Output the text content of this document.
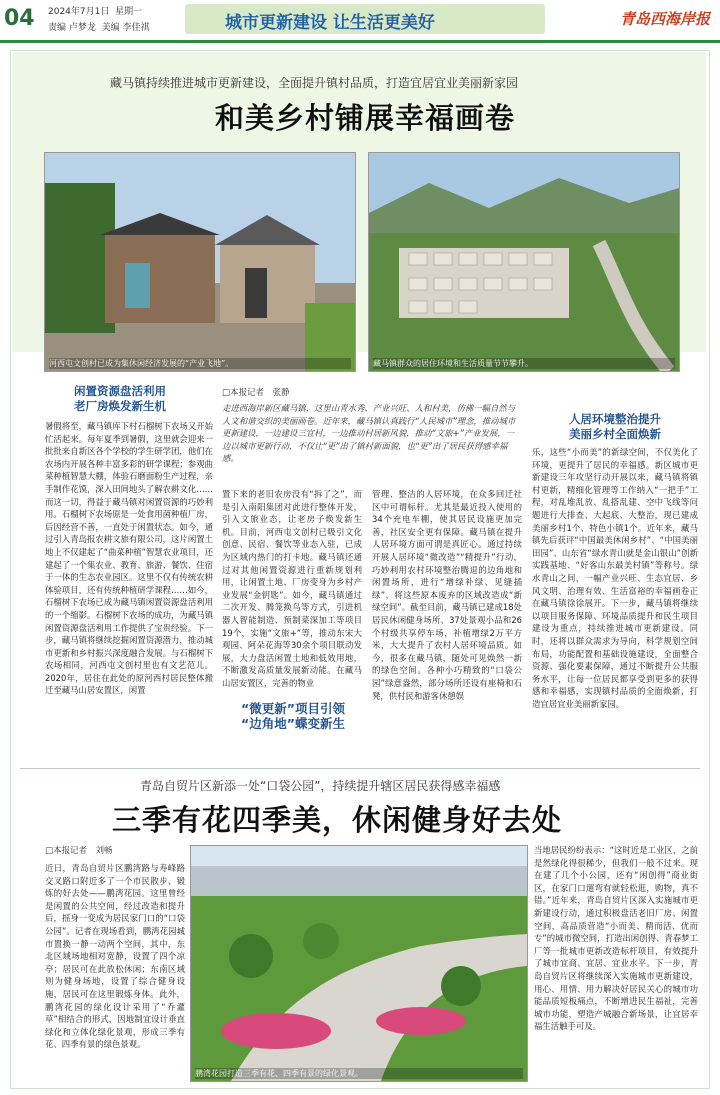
04 2024年7月1日 星期一
责编 卢梦龙 美编 李佳祺	城市更新建设 让生活更美好	青岛西海岸报
藏马镇持续推进城市更新建设，全面提升镇村品质，打造宜居宜业美丽新家园
和美乡村铺展幸福画卷
河西屯文创村已成为集休闲经济发展的“产业飞地”。	藏马镇群众的居住环境和生活质量节节攀升。
□本报记者　张静
走进西海岸新区藏马镇，这里山青水秀、产业兴旺、人和村美，彷佛一幅自然与人文和谐交织的美丽画卷。近年来，藏马镇认真践行“人民城市”理念，推动城市更新建设，一边建设三宜村，一边推动村居新风貌，推动“文旅+”产业发展，一边以城市更新行动，不仅让“更”出了镇村新面貌，也“更”出了居民获得感幸福感。
闲置资源盘活利用
老厂房焕发新生机
暑假将至，藏马镇库下村石榴树下农场又开始忙活起来。每年夏季到暑假，这里就会迎来一批批来自新区各个学校的学生研学团，他们在农场内开展各种丰富多彩的研学课程；参观曲菜种植智慧大棚，体验石磨面粉生产过程，亲手制作花馍，深入田间地头了解农耕文化……而这一切，得益于藏马镇对闲置资源的巧妙利用。石榴树下农场原是一处食用菌种植厂房，后因经营不善，一直处于闲置状态。如今，通过引入青岛报农耕文旅有限公司，这片闲置土地上不仅建起了“曲菜种植”智慧农业项目，还建起了一个集农业、教育、旅游、餐饮、住宿于一体的生态农业园区。这里不仅有传统农耕体验项目，还有传统种植研学课程……如今，石榴树下农场已成为藏马镇闲置资源盘活利用的一个缩影。石榴树下农场的成功，为藏马镇闲置资源盘活利用工作提供了宝贵经验。下一步，藏马镇将继续挖掘闲置资源潜力，推动城市更新和乡村振兴深度融合发展。与石榴树下农场相同，河西屯文创村里也有文艺范儿。2020年，居住在此处的原河西村居民整体搬迁至藏马山居安置区，闲置
置下来的老旧农房没有“拆了之”，而是引入南阳集团对此进行整体开发，引入文旅业态，让老房子焕发新生机。目前，河西屯文创村已吸引文化创意、民宿、餐饮等业态入驻，已成为区域内热门的打卡地。藏马镇还通过对其他闲置资源进行重新规划利用，让闲置土地、厂房变身为乡村产业发展“金钥匙”。如今，藏马镇通过二次开发、腾笼换鸟等方式，引进机器人智能制造、预制菜深加工等项目19个，实施“文旅+”等，推动东宋大观园、阿朵花海等30余个项目联动发展，大力盘活闲置土地和低效用地，不断激发高质量发展新动能。在藏马山居安置区，完善的物业
“微更新”项目引领
“边角地”蝶变新生
管理、整洁的人居环境，在众多回迁社区中可谓标杆。尤其是最近投入使用的34个充电车棚，使其居民设施更加完善，社区安全更有保障。藏马镇在提升人居环境方面可谓是真匠心。通过持续开展人居环境“微改造”“精提升”行动，巧妙利用农村环境整治腾退的边角地和闲置场所，进行“增绿补绿、见缝插绿”，将这些原本废弃的区域改造成“新绿空间”。截至目前，藏马镇已建成18处居民休闲健身场所、37处景观小品和26个村级共享停车场，补植增绿2万平方米，大大提升了农村人居环境品质。如今，很多在藏马镇，随处可见焕然一新的绿色空间。各种小巧精致的“口袋公园”绿意盎然，部分场所还设有座椅和石凳，供村民和游客休憩娱
人居环境整治提升
美丽乡村全面焕新
乐，这些“小而美”的新绿空间，不仅美化了环境，更提升了居民的幸福感。新区城市更新建设三年攻坚行动开展以来，藏马镇将镇村更新，精细化管理等工作纳入“一把手”工程，对乱堆乱放、乱搭乱建、空中飞线等问题进行大排查、大起底、大整治，现已建成美丽乡村1个、特色小镇1个。近年来，藏马镇先后获评“中国最美休闲乡村”、“中国美丽田园”、山东省“绿水青山就是金山银山”创新实践基地、“好客山东最美村镇”等称号。绿水青山之间，一幅产业兴旺、生态宜居、乡风文明、治理有效、生活富裕的幸福画卷正在藏马镇徐徐展开。下一步，藏马镇将继续以项目服务保障、环境品质提升和民生项目建设为重点，持续推进城市更新建设。同时，还将以群众需求为导向，科学规划空间布局，功能配置和基础设施建设，全面整合资源、强化要素保障，通过不断提升公共服务水平，让每一位居民都享受到更多的获得感和幸福感，实现镇村品质的全面焕新，打造宜居宜业美丽新家园。
青岛自贸片区新添一处“口袋公园”，持续提升辖区居民获得感幸福感
三季有花四季美，休闲健身好去处
□本报记者　刘畅
近日，青岛自贸片区鹏湾路与寿峰路交叉路口附近多了一个市民散步、锻炼的好去处——鹏湾花园。这里曾经是闲置的公共空间，经过改造和提升后，摇身一变成为居民家门口的“口袋公园”。记者在现场看到，鹏湾花园城市置换一静一动两个空间，其中，东北区域场地相对宽静，设置了四个凉亭；居民可在此放松休闲；东南区域则为健身场地，设置了综合健身设施，居民可在这里锻炼身体。此外，鹏湾花园的绿化设计采用了“乔灌草”相结合的形式，因地制宜设计垂直绿化和立体化绿化景观，形成三季有花、四季有景的绿色景观。
鹏湾花园打造三季有花、四季有景的绿化景观。
当地居民纷纷表示：“这时近是工业区，之前是然绿化得很稀少，但我们一般不过来。现在建了几个小公园，还有“闲创得”商业街区，在家门口遛弯有就轻松逛，购物，真不错。”近年来，青岛自贸片区深入实施城市更新建设行动，通过积极盘活老旧厂房、闲置空间，高品质营造“小而美、精而活、优而专”的城市微空间，打造出闲创得、青春梦工厂等一批城市更新改造标杆项目，有效提升了城市宜商、宜居、宜业水平。下一步，青岛自贸片区将继续深入实施城市更新建设，用心、用情、用力解决好居民关心的城市功能品质短板痛点，不断增进民生福祉，完善城市功能，塑造产城融合新场景，让宜居幸福生活触手可及。
